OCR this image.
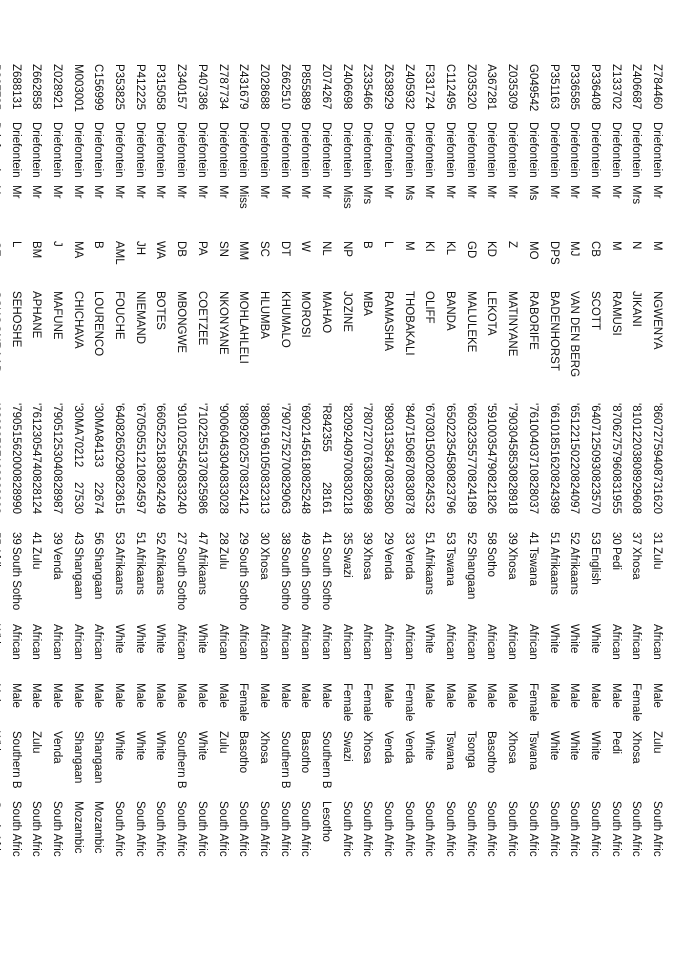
Z784460
Driefontein
Mr
M
NGWENYA
'860727594087
31620
31
Zulu
African
Male
Zulu
South Afric
Z406687
Driefontein
Mrs
N
JIKANI
'810122038089
29608
37
Xhosa
African
Female
Xhosa
South Afric
Z133702
Driefontein
Mr
M
RAMUSI
'870627579608
31955
30
Pedi
African
Male
Pedi
South Afric
P336408
Driefontein
Mr
CB
SCOTT
'640712509308
23570
53
English
White
Male
White
South Afric
P336585
Driefontein
Mr
MJ
VAN DEN BERG
'651221502208
24097
52
Afrikaans
White
Male
White
South Afric
P351163
Driefontein
Mr
DPS
BADENHORST
'661018516208
24398
51
Afrikaans
White
Male
White
South Afric
G049542
Driefontein
Ms
MO
RABORIFE
'761004037108
28037
41
Tswana
African
Female
Tswana
South Afric
Z035309
Driefontein
Mr
Z
MATINYANE
'790304585308
28918
39
Xhosa
African
Male
Xhosa
South Afric
A367281
Driefontein
Mr
KD
LEKOTA
'591003547908
21826
58
Sotho
African
Male
Basotho
South Afric
Z035320
Driefontein
Mr
GD
MALULEKE
'660323557708
24189
52
Shangaan
African
Male
Tsonga
South Afric
C112495
Driefontein
Mr
KL
BANDA
'650223545808
23796
53
Tswana
African
Male
Tswana
South Afric
F331724
Driefontein
Mr
KI
OLIFF
'670301500208
24532
51
Afrikaans
White
Male
White
South Afric
Z405932
Driefontein
Ms
M
THOBAKALI
'840715068708
30878
33
Venda
African
Female
Venda
South Afric
Z638929
Driefontein
Mr
L
RAMASHIA
'890313584708
32580
29
Venda
African
Male
Venda
South Afric
Z335466
Driefontein
Mrs
B
MBA
'780727076308
28698
39
Xhosa
African
Female
Xhosa
South Afric
Z406698
Driefontein
Miss
NP
JOZINE
'820924097008
30218
35
Swazi
African
Female
Swazi
South Afric
Z074267
Driefontein
Mr
NL
MAHAO
'R842355
28161
41
South Sotho
African
Male
Southern B
Lesotho
P855889
Driefontein
Mr
W
MOROSI
'690214561808
25248
49
South Sotho
African
Male
Basotho
South Afric
Z662510
Driefontein
Mr
DT
KHUMALO
'790727527008
29063
38
South Sotho
African
Male
Southern B
South Afric
Z028688
Driefontein
Mr
SC
HLUMBA
'880619610508
32313
30
Xhosa
African
Male
Xhosa
South Afric
Z431679
Driefontein
Miss
MM
MOHLAHLELI
'880926025708
32412
29
South Sotho
African
Female
Basotho
South Afric
Z787734
Driefontein
Mr
SN
NKONYANE
'900604630408
33028
28
Zulu
African
Male
Zulu
South Afric
P407386
Driefontein
Mr
PA
COETZEE
'710225513708
25986
47
Afrikaans
White
Male
White
South Afric
Z340157
Driefontein
Mr
DB
MBONGWE
'910102554508
33240
27
South Sotho
African
Male
Southern B
South Afric
P315058
Driefontein
Mr
WA
BOTES
'660522518308
24249
52
Afrikaans
White
Male
White
South Afric
P412225
Driefontein
Mr
JH
NIEMAND
'670505512108
24597
51
Afrikaans
White
Male
White
South Afric
P353825
Driefontein
Mr
AML
FOUCHE
'640826502908
23615
53
Afrikaans
White
Male
White
South Afric
C156999
Driefontein
Mr
B
LOURENCO
'30MA84133
22674
56
Shangaan
African
Male
Shangaan
Mozambic
M003001
Driefontein
Mr
MA
CHICHAVA
'30MA70212
27530
43
Shangaan
African
Male
Shangaan
Mozambic
Z028921
Driefontein
Mr
J
MAFUNE
'790512530408
28987
39
Venda
African
Male
Venda
South Afric
Z662858
Driefontein
Mr
BM
APHANE
'761230547408
28124
41
Zulu
African
Male
Zulu
South Afric
Z688131
Driefontein
Mr
L
SEHOSHE
'790515620008
28990
39
South Sotho
African
Male
Southern B
South Afric
